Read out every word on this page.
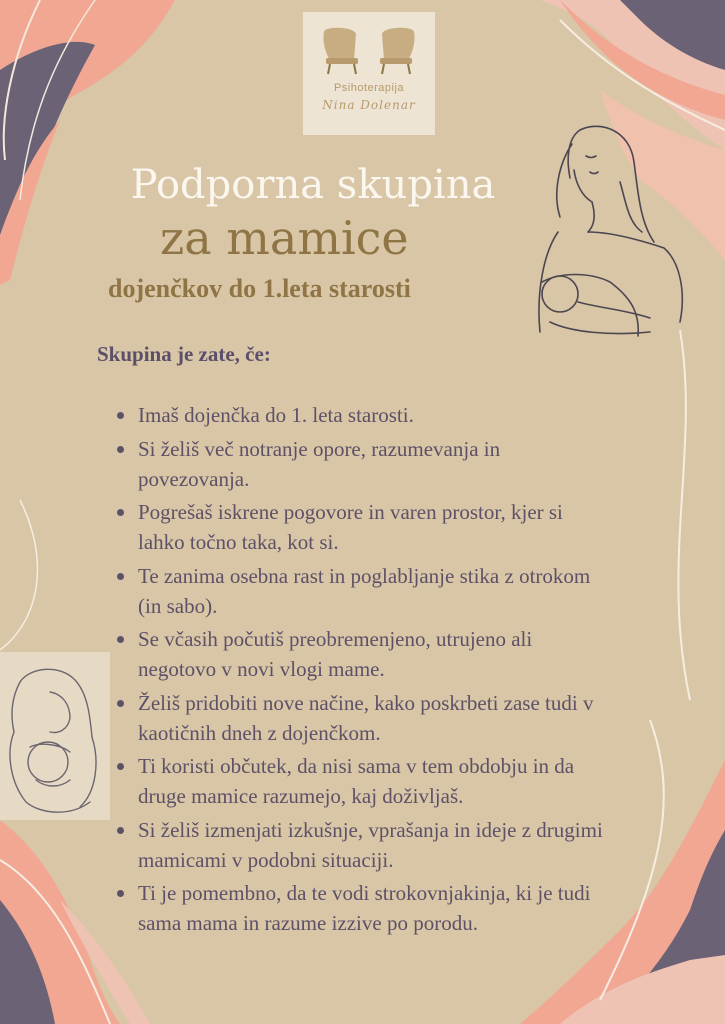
Psihoterapija
Nina Dolenar
Podporna skupina
za mamice
dojenčkov do 1.leta starosti
Skupina je zate, če:
Imaš dojenčka do 1. leta starosti.
Si želiš več notranje opore, razumevanja in povezovanja.
Pogrešaš iskrene pogovore in varen prostor, kjer si lahko točno taka, kot si.
Te zanima osebna rast in poglabljanje stika z otrokom (in sabo).
Se včasih počutiš preobremenjeno, utrujeno ali negotovo v novi vlogi mame.
Želiš pridobiti nove načine, kako poskrbeti zase tudi v kaotičnih dneh z dojenčkom.
Ti koristi občutek, da nisi sama v tem obdobju in da druge mamice razumejo, kaj doživljaš.
Si želiš izmenjati izkušnje, vprašanja in ideje z drugimi mamicami v podobni situaciji.
Ti je pomembno, da te vodi strokovnjakinja, ki je tudi sama mama in razume izzive po porodu.
